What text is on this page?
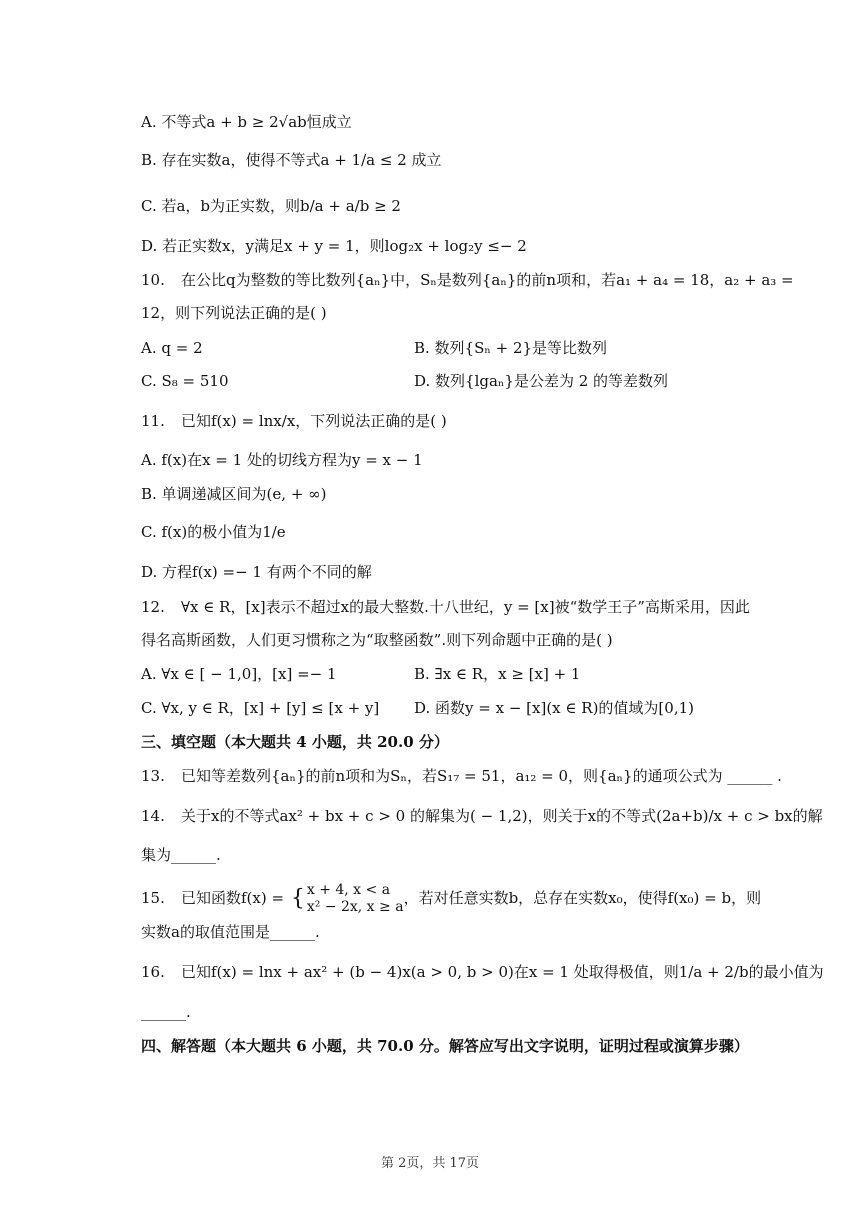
A. 不等式a + b ≥ 2√ab恒成立
B. 存在实数a，使得不等式a + 1/a ≤ 2 成立
C. 若a，b为正实数，则b/a + a/b ≥ 2
D. 若正实数x，y满足x + y = 1，则log₂x + log₂y ≤− 2
10. 在公比q为整数的等比数列{aₙ}中，Sₙ是数列{aₙ}的前n项和，若a₁ + a₄ = 18，a₂ + a₃ =
12，则下列说法正确的是( )
A. q = 2	B. 数列{Sₙ + 2}是等比数列
C. S₈ = 510	D. 数列{lgaₙ}是公差为 2 的等差数列
11. 已知f(x) = lnx/x，下列说法正确的是( )
A. f(x)在x = 1 处的切线方程为y = x − 1
B. 单调递减区间为(e, + ∞)
C. f(x)的极小值为1/e
D. 方程f(x) =− 1 有两个不同的解
12. ∀x ∈ R，[x]表示不超过x的最大整数.十八世纪，y = [x]被“数学王子”高斯采用，因此
得名高斯函数，人们更习惯称之为“取整函数”.则下列命题中正确的是( )
A. ∀x ∈ [ − 1,0]，[x] =− 1	B. ∃x ∈ R，x ≥ [x] + 1
C. ∀x, y ∈ R，[x] + [y] ≤ [x + y] D. 函数y = x − [x](x ∈ R)的值域为[0,1)
三、填空题（本大题共 4 小题，共 20.0 分）
13. 已知等差数列{aₙ}的前n项和为Sₙ，若S₁₇ = 51，a₁₂ = 0，则{aₙ}的通项公式为 ______ .
14. 关于x的不等式ax² + bx + c > 0 的解集为( − 1,2)，则关于x的不等式(2a+b)/x + c > bx的解
集为______.
15. 已知函数f(x) = { x + 4, x < a
x² − 2x, x ≥ a ，若对任意实数b，总存在实数x₀，使得f(x₀) = b，则
实数a的取值范围是______.
16. 已知f(x) = lnx + ax² + (b − 4)x(a > 0, b > 0)在x = 1 处取得极值，则1/a + 2/b的最小值为
______.
四、解答题（本大题共 6 小题，共 70.0 分。解答应写出文字说明，证明过程或演算步骤）
第 2页，共 17页
